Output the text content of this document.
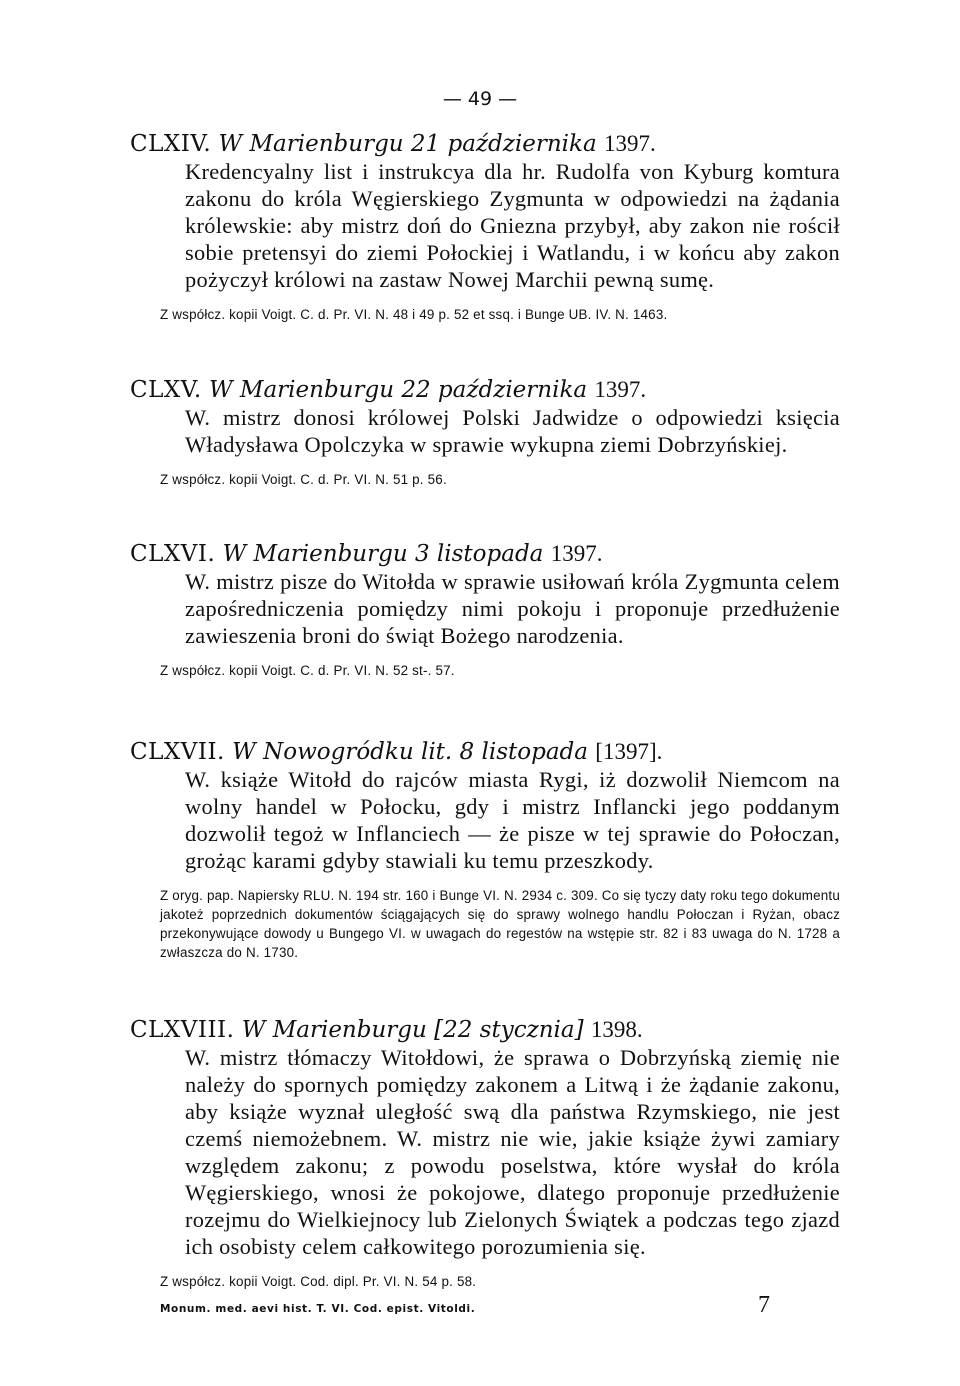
— 49 —

CLXIV. W Marienburgu 21 października 1397.

Kredencyalny list i instrukcya dla hr. Rudolfa von Kyburg komtura zakonu do króla Węgierskiego Zygmunta w odpowiedzi na żądania królewskie: aby mistrz doń do Gniezna przybył, aby zakon nie rościł sobie pretensyi do ziemi Połockiej i Watlandu, i w końcu aby zakon pożyczył królowi na zastaw Nowej Marchii pewną sumę.

Z współcz. kopii Voigt. C. d. Pr. VI. N. 48 i 49 p. 52 et ssq. i Bunge UB. IV. N. 1463.

CLXV. W Marienburgu 22 października 1397.

W. mistrz donosi królowej Polski Jadwidze o odpowiedzi księcia Władysława Opolczyka w sprawie wykupna ziemi Dobrzyńskiej.

Z współcz. kopii Voigt. C. d. Pr. VI. N. 51 p. 56.

CLXVI. W Marienburgu 3 listopada 1397.

W. mistrz pisze do Witołda w sprawie usiłowań króla Zygmunta celem zapośredniczenia pomiędzy nimi pokoju i proponuje przedłużenie zawieszenia broni do świąt Bożego narodzenia.

Z współcz. kopii Voigt. C. d. Pr. VI. N. 52 st-. 57.

CLXVII. W Nowogródku lit. 8 listopada [1397].

W. książe Witołd do rajców miasta Rygi, iż dozwolił Niemcom na wolny handel w Połocku, gdy i mistrz Inflancki jego poddanym dozwolił tegoż w Inflanciech — że pisze w tej sprawie do Połoczan, grożąc karami gdyby stawiali ku temu przeszkody.

Z oryg. pap. Napiersky RLU. N. 194 str. 160 i Bunge VI. N. 2934 c. 309. Co się tyczy daty roku tego dokumentu jakoteż poprzednich dokumentów ściągających się do sprawy wolnego handlu Połoczan i Ryżan, obacz przekonywujące dowody u Bungego VI. w uwagach do regestów na wstępie str. 82 i 83 uwaga do N. 1728 a zwłaszcza do N. 1730.

CLXVIII. W Marienburgu [22 stycznia] 1398.

W. mistrz tłómaczy Witołdowi, że sprawa o Dobrzyńską ziemię nie należy do spornych pomiędzy zakonem a Litwą i że żądanie zakonu, aby książe wyznał uległość swą dla państwa Rzymskiego, nie jest czemś niemożebnem. W. mistrz nie wie, jakie książe żywi zamiary względem zakonu; z powodu poselstwa, które wysłał do króla Węgierskiego, wnosi że pokojowe, dlatego proponuje przedłużenie rozejmu do Wielkiejnocy lub Zielonych Świątek a podczas tego zjazd ich osobisty celem całkowitego porozumienia się.

Z współcz. kopii Voigt. Cod. dipl. Pr. VI. N. 54 p. 58.

Monum. med. aevi hist. T. VI. Cod. epist. Vitoldi.	7
